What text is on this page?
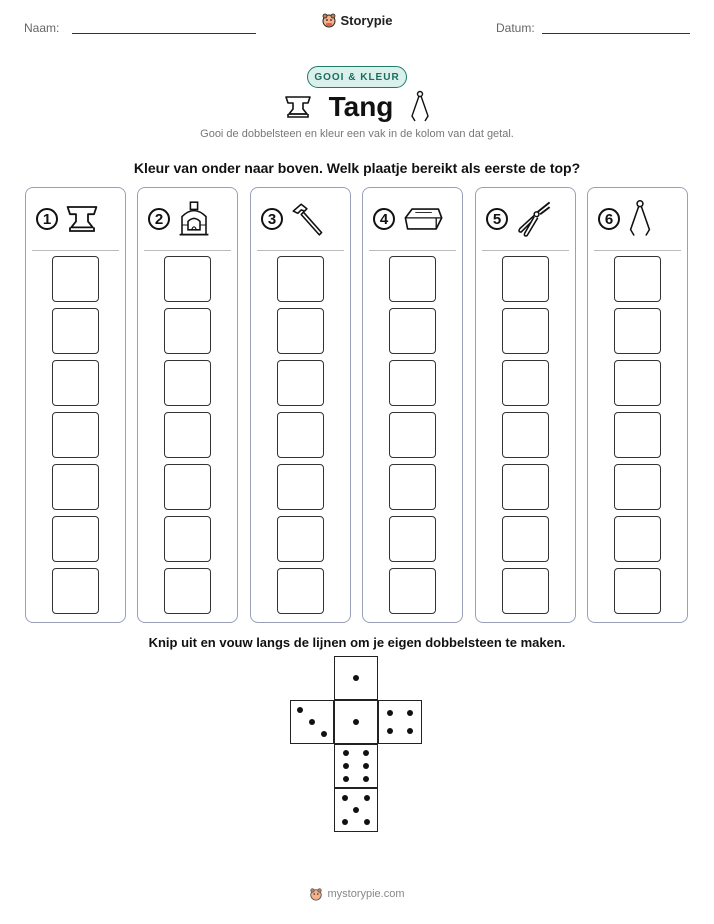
Naam:	Datum:
Storypie
GOOI & KLEUR
Tang
Gooi de dobbelsteen en kleur een vak in de kolom van dat getal.
Kleur van onder naar boven. Welk plaatje bereikt als eerste de top?
1	2	3	4	5	6
Knip uit en vouw langs de lijnen om je eigen dobbelsteen te maken.
mystorypie.com
